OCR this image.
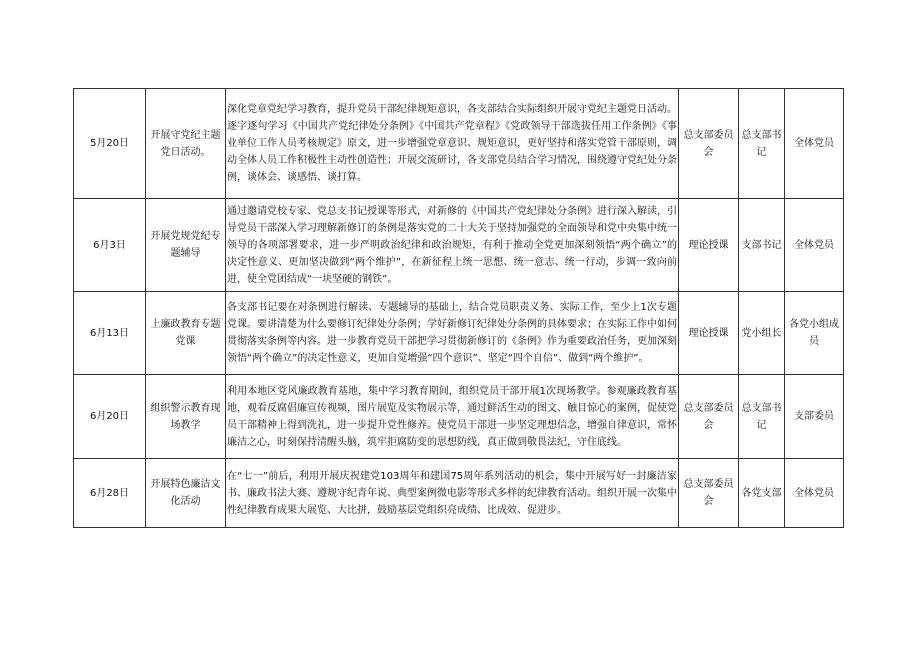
5月20日	开展守党纪主题党日活动。	深化党章党纪学习教育，提升党员干部纪律规矩意识，各支部结合实际组织开展守党纪主题党日活动。逐字逐句学习《中国共产党纪律处分条例》《中国共产党章程》《党政领导干部选拔任用工作条例》《事业单位工作人员考核规定》原文，进一步增强党章意识、规矩意识，更好坚持和落实党管干部原则，调动全体人员工作积极性主动性创造性；开展交流研讨，各支部党员结合学习情况，围绕遵守党纪处分条例，谈体会、谈感悟、谈打算。	总支部委员会	总支部书记	全体党员
6月3日	开展党规党纪专题辅导	通过邀请党校专家、党总支书记授课等形式，对新修的《中国共产党纪律处分条例》进行深入解读，引导党员干部深入学习理解新修订的条例是落实党的二十大关于坚持加强党的全面领导和党中央集中统一领导的各项部署要求，进一步严明政治纪律和政治规矩，有利于推动全党更加深刻领悟“两个确立”的决定性意义、更加坚决做到“两个维护”，在新征程上统一思想、统一意志、统一行动，步调一致向前进，使全党团结成“一块坚硬的钢铁”。	理论授课	支部书记	全体党员
6月13日	上廉政教育专题党课	各支部书记要在对条例进行解读、专题辅导的基础上，结合党员职责义务、实际工作，至少上1次专题党课。要讲清楚为什么要修订纪律处分条例；学好新修订纪律处分条例的具体要求；在实际工作中如何贯彻落实条例等内容。进一步教育党员干部把学习贯彻新修订的《条例》作为重要政治任务，更加深刻领悟“两个确立”的决定性意义，更加自觉增强“四个意识”、坚定“四个自信”、做到“两个维护”。	理论授课	党小组长	各党小组成员
6月20日	组织警示教育现场教学	利用本地区党风廉政教育基地，集中学习教育期间，组织党员干部开展1次现场教学。参观廉政教育基地，观看反腐倡廉宣传视频，图片展览及实物展示等，通过鲜活生动的图文、触目惊心的案例，促使党员干部精神上得到洗礼，进一步提升党性修养。使党员干部进一步坚定理想信念，增强自律意识，常怀廉洁之心，时刻保持清醒头脑，筑牢拒腐防变的思想防线，真正做到敬畏法纪，守住底线。	总支部委员会	总支部书记	支部委员
6月28日	开展特色廉洁文化活动	在“七一”前后，利用开展庆祝建党103周年和建国75周年系列活动的机会，集中开展写好一封廉洁家书、廉政书法大赛、遵规守纪青年说、典型案例微电影等形式多样的纪律教育活动。组织开展一次集中性纪律教育成果大展览、大比拼，鼓励基层党组织亮成绩、比成效、促进步。	总支部委员会	各党支部	全体党员
